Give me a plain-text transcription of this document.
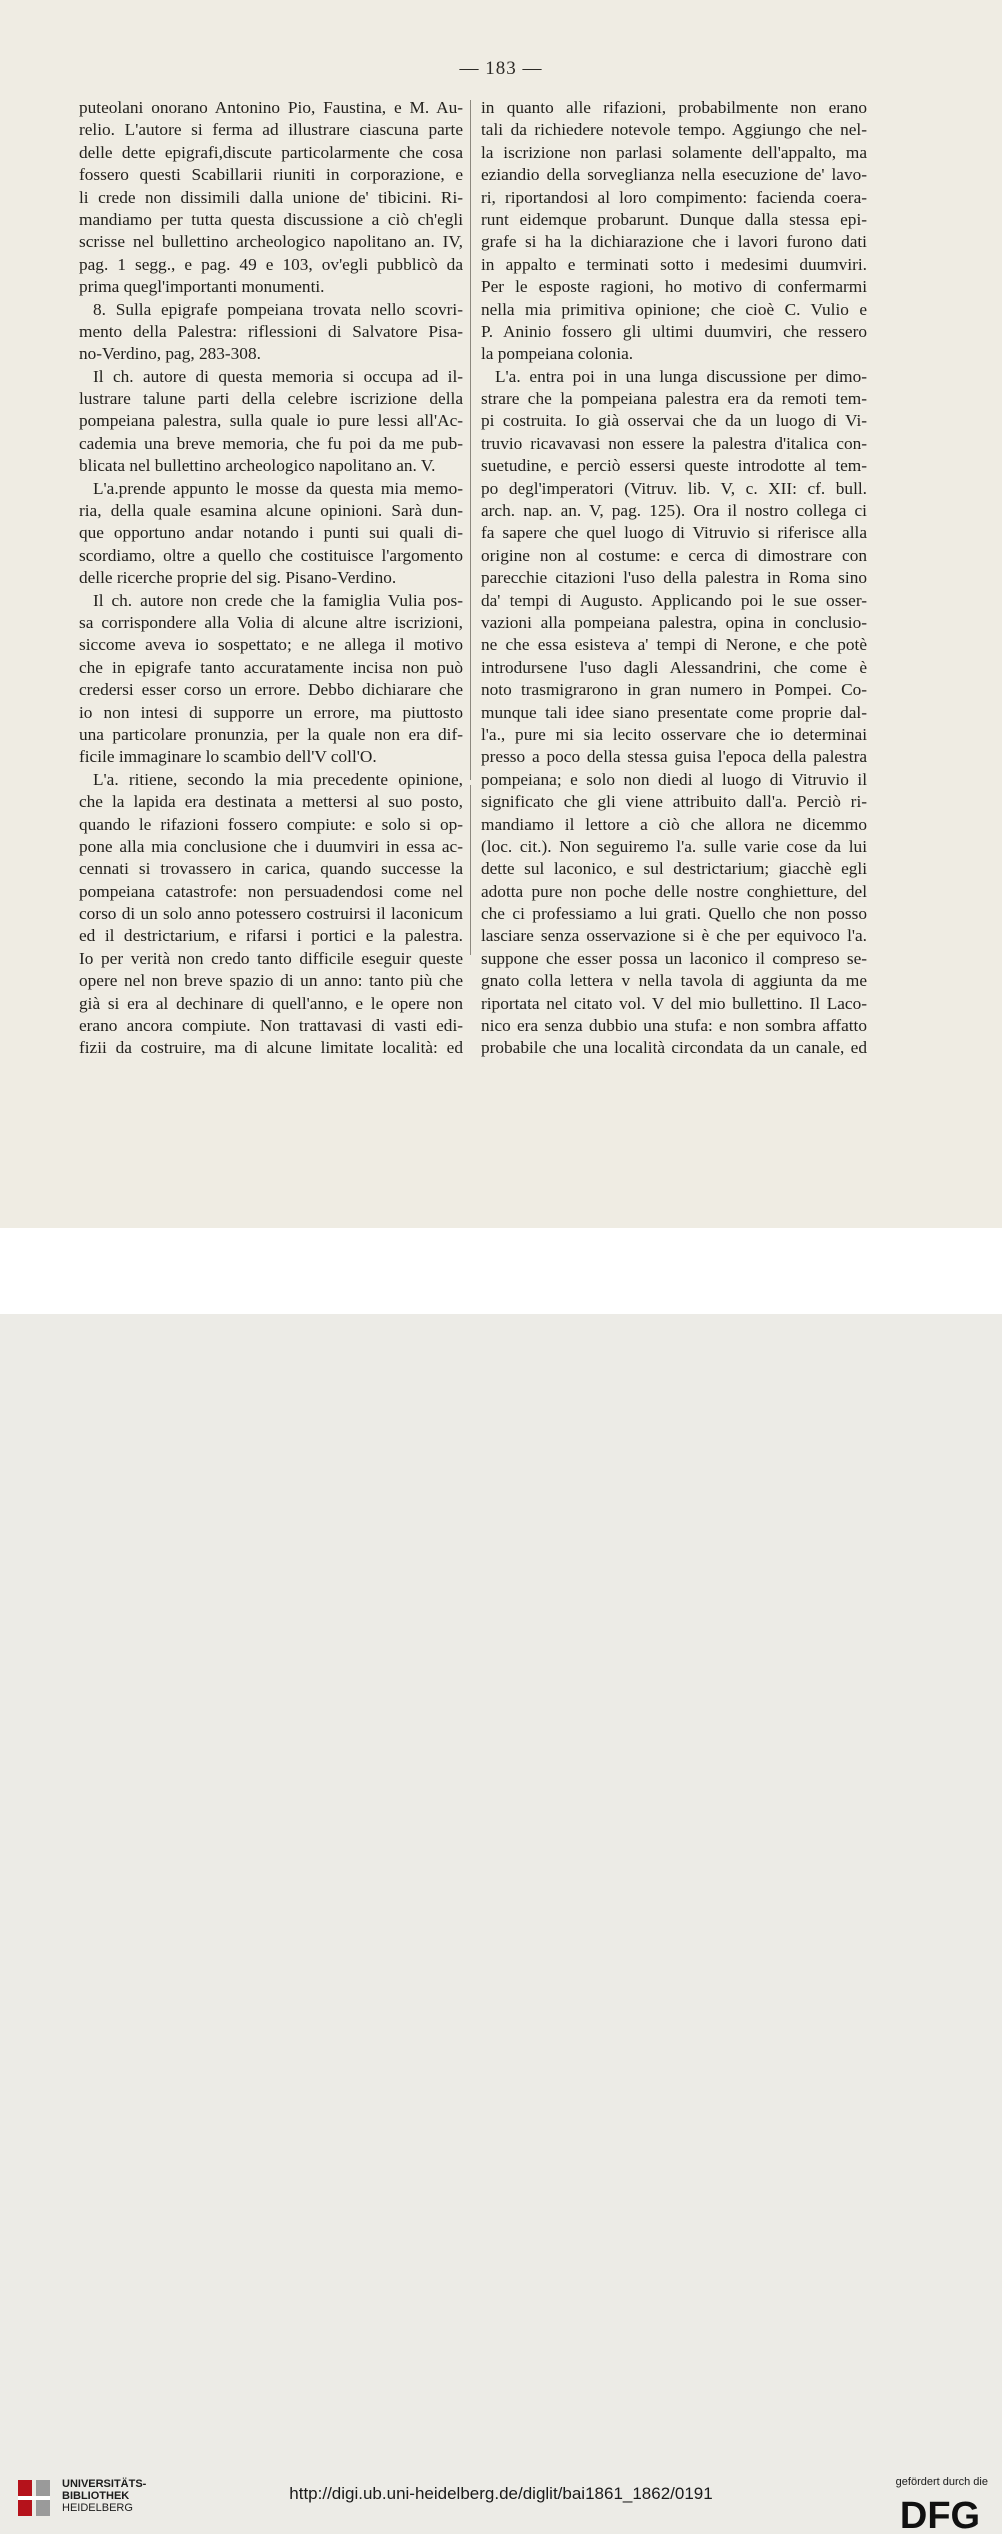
— 183 —
puteolani onorano Antonino Pio, Faustina, e M. Au-
relio. L'autore si ferma ad illustrare ciascuna parte
delle dette epigrafi,discute particolarmente che cosa
fossero questi Scabillarii riuniti in corporazione, e
li crede non dissimili dalla unione de' tibicini. Ri-
mandiamo per tutta questa discussione a ciò ch'egli
scrisse nel bullettino archeologico napolitano an. IV,
pag. 1 segg., e pag. 49 e 103, ov'egli pubblicò da
prima quegl'importanti monumenti.
8. Sulla epigrafe pompeiana trovata nello scovri-
mento della Palestra: riflessioni di Salvatore Pisa-
no-Verdino, pag, 283-308.
Il ch. autore di questa memoria si occupa ad il-
lustrare talune parti della celebre iscrizione della
pompeiana palestra, sulla quale io pure lessi all'Ac-
cademia una breve memoria, che fu poi da me pub-
blicata nel bullettino archeologico napolitano an. V.
L'a.prende appunto le mosse da questa mia memo-
ria, della quale esamina alcune opinioni. Sarà dun-
que opportuno andar notando i punti sui quali di-
scordiamo, oltre a quello che costituisce l'argomento
delle ricerche proprie del sig. Pisano-Verdino.
Il ch. autore non crede che la famiglia Vulia pos-
sa corrispondere alla Volia di alcune altre iscrizioni,
siccome aveva io sospettato; e ne allega il motivo
che in epigrafe tanto accuratamente incisa non può
credersi esser corso un errore. Debbo dichiarare che
io non intesi di supporre un errore, ma piuttosto
una particolare pronunzia, per la quale non era dif-
ficile immaginare lo scambio dell'V coll'O.
L'a. ritiene, secondo la mia precedente opinione,
che la lapida era destinata a mettersi al suo posto,
quando le rifazioni fossero compiute: e solo si op-
pone alla mia conclusione che i duumviri in essa ac-
cennati si trovassero in carica, quando successe la
pompeiana catastrofe: non persuadendosi come nel
corso di un solo anno potessero costruirsi il laconicum
ed il destrictarium, e rifarsi i portici e la palestra.
Io per verità non credo tanto difficile eseguir queste
opere nel non breve spazio di un anno: tanto più che
già si era al dechinare di quell'anno, e le opere non
erano ancora compiute. Non trattavasi di vasti edi-
fizii da costruire, ma di alcune limitate località: ed
in quanto alle rifazioni, probabilmente non erano
tali da richiedere notevole tempo. Aggiungo che nel-
la iscrizione non parlasi solamente dell'appalto, ma
eziandio della sorveglianza nella esecuzione de' lavo-
ri, riportandosi al loro compimento: facienda coera-
runt eidemque probarunt. Dunque dalla stessa epi-
grafe si ha la dichiarazione che i lavori furono dati
in appalto e terminati sotto i medesimi duumviri.
Per le esposte ragioni, ho motivo di confermarmi
nella mia primitiva opinione; che cioè C. Vulio e
P. Aninio fossero gli ultimi duumviri, che ressero
la pompeiana colonia.
L'a. entra poi in una lunga discussione per dimo-
strare che la pompeiana palestra era da remoti tem-
pi costruita. Io già osservai che da un luogo di Vi-
truvio ricavavasi non essere la palestra d'italica con-
suetudine, e perciò essersi queste introdotte al tem-
po degl'imperatori (Vitruv. lib. V, c. XII: cf. bull.
arch. nap. an. V, pag. 125). Ora il nostro collega ci
fa sapere che quel luogo di Vitruvio si riferisce alla
origine non al costume: e cerca di dimostrare con
parecchie citazioni l'uso della palestra in Roma sino
da' tempi di Augusto. Applicando poi le sue osser-
vazioni alla pompeiana palestra, opina in conclusio-
ne che essa esisteva a' tempi di Nerone, e che potè
introdursene l'uso dagli Alessandrini, che come è
noto trasmigrarono in gran numero in Pompei. Co-
munque tali idee siano presentate come proprie dal-
l'a., pure mi sia lecito osservare che io determinai
presso a poco della stessa guisa l'epoca della palestra
pompeiana; e solo non diedi al luogo di Vitruvio il
significato che gli viene attribuito dall'a. Perciò ri-
mandiamo il lettore a ciò che allora ne dicemmo
(loc. cit.). Non seguiremo l'a. sulle varie cose da lui
dette sul laconico, e sul destrictarium; giacchè egli
adotta pure non poche delle nostre conghietture, del
che ci professiamo a lui grati. Quello che non posso
lasciare senza osservazione si è che per equivoco l'a.
suppone che esser possa un laconico il compreso se-
gnato colla lettera v nella tavola di aggiunta da me
riportata nel citato vol. V del mio bullettino. Il Laco-
nico era senza dubbio una stufa: e non sombra affatto
probabile che una località circondata da un canale, ed
UNIVERSITÄTS-
BIBLIOTHEK
HEIDELBERG
http://digi.ub.uni-heidelberg.de/diglit/bai1861_1862/0191
gefördert durch die
DFG
